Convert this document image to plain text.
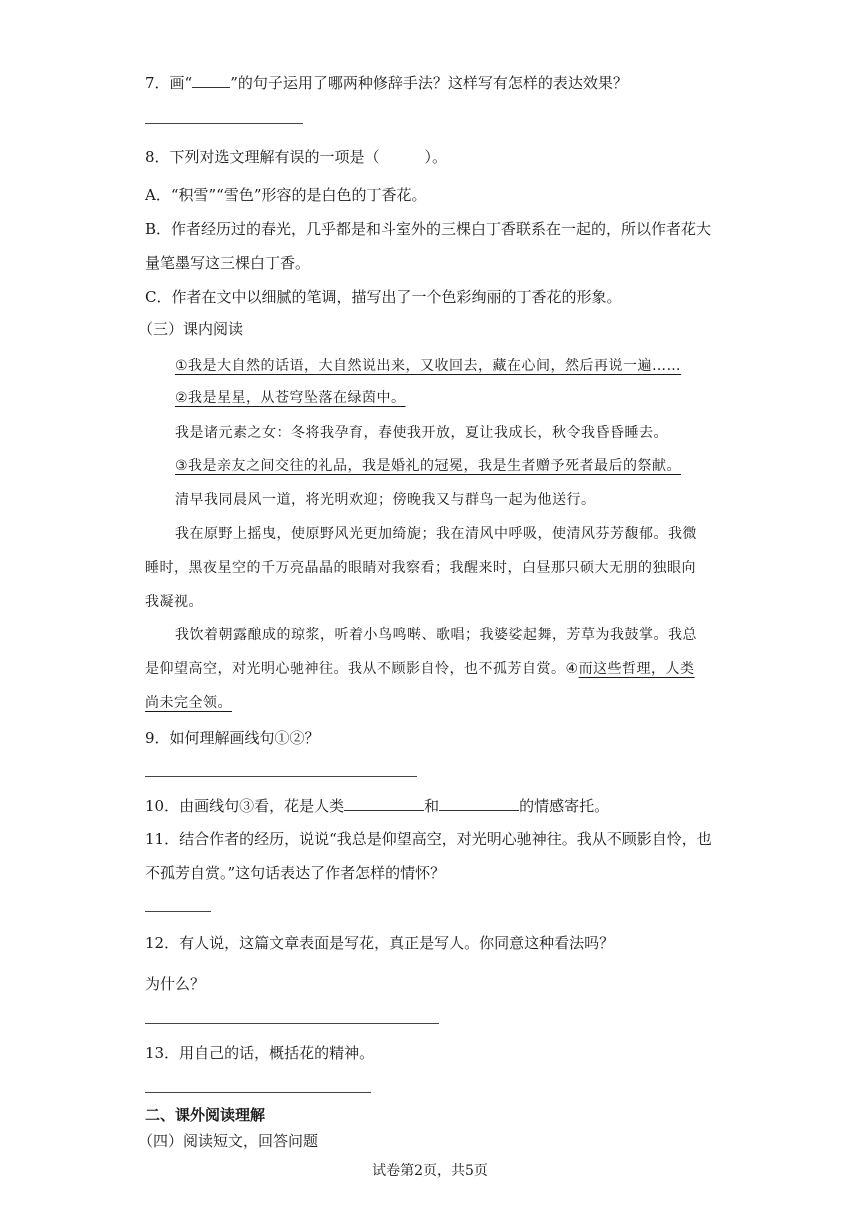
7．画“	”的句子运用了哪两种修辞手法？这样写有怎样的表达效果？
8．下列对选文理解有误的一项是（　　　）。
A．“积雪”“雪色”形容的是白色的丁香花。
B．作者经历过的春光，几乎都是和斗室外的三棵白丁香联系在一起的，所以作者花大
量笔墨写这三棵白丁香。
C．作者在文中以细腻的笔调，描写出了一个色彩绚丽的丁香花的形象。
（三）课内阅读
①我是大自然的话语，大自然说出来，又收回去，藏在心间，然后再说一遍……
②我是星星，从苍穹坠落在绿茵中。
我是诸元素之女：冬将我孕育，春使我开放，夏让我成长，秋令我昏昏睡去。
③我是亲友之间交往的礼品，我是婚礼的冠冕，我是生者赠予死者最后的祭献。
清早我同晨风一道，将光明欢迎；傍晚我又与群鸟一起为他送行。
我在原野上摇曳，使原野风光更加绮旎；我在清风中呼吸，使清风芬芳馥郁。我微
睡时，黑夜星空的千万亮晶晶的眼睛对我察看；我醒来时，白昼那只硕大无朋的独眼向
我凝视。
我饮着朝露酿成的琼浆，听着小鸟鸣啭、歌唱；我婆娑起舞，芳草为我鼓掌。我总
是仰望高空，对光明心驰神往。我从不顾影自怜，也不孤芳自赏。④而这些哲理，人类
尚未完全领。
9．如何理解画线句①②？
10．由画线句③看，花是人类	和	的情感寄托。
11．结合作者的经历，说说“我总是仰望高空，对光明心驰神往。我从不顾影自怜，也
不孤芳自赏。”这句话表达了作者怎样的情怀？
12．有人说，这篇文章表面是写花，真正是写人。你同意这种看法吗？
为什么？
13．用自己的话，概括花的精神。
二、课外阅读理解
（四）阅读短文，回答问题
试卷第2页，共5页
